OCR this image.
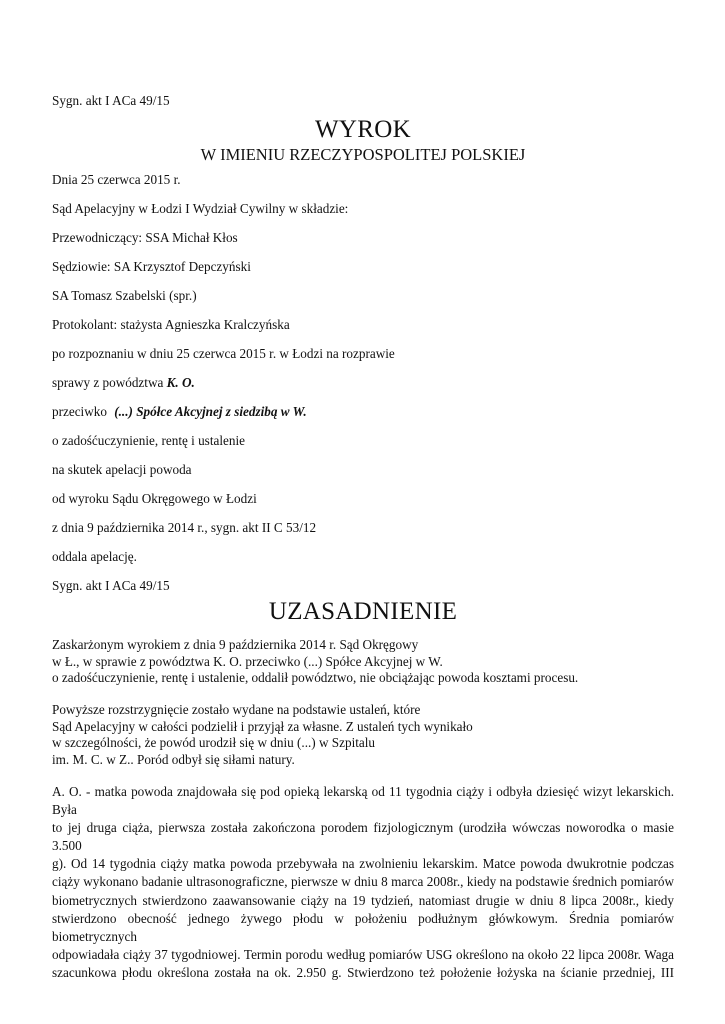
Sygn. akt I ACa 49/15
WYROK
W IMIENIU RZECZYPOSPOLITEJ POLSKIEJ
Dnia 25 czerwca 2015 r.
Sąd Apelacyjny w Łodzi I Wydział Cywilny w składzie:
Przewodniczący: SSA Michał Kłos
Sędziowie: SA Krzysztof Depczyński
SA Tomasz Szabelski (spr.)
Protokolant: stażysta Agnieszka Kralczyńska
po rozpoznaniu w dniu 25 czerwca 2015 r. w Łodzi na rozprawie
sprawy z powództwa K. O.
przeciwko (...) Spółce Akcyjnej z siedzibą w W.
o zadośćuczynienie, rentę i ustalenie
na skutek apelacji powoda
od wyroku Sądu Okręgowego w Łodzi
z dnia 9 października 2014 r., sygn. akt II C 53/12
oddala apelację.
Sygn. akt I ACa 49/15
UZASADNIENIE
Zaskarżonym wyrokiem z dnia 9 października 2014 r. Sąd Okręgowy
w Ł., w sprawie z powództwa K. O. przeciwko (...) Spółce Akcyjnej w W.
o zadośćuczynienie, rentę i ustalenie, oddalił powództwo, nie obciążając powoda kosztami procesu.
Powyższe rozstrzygnięcie zostało wydane na podstawie ustaleń, które
Sąd Apelacyjny w całości podzielił i przyjął za własne. Z ustaleń tych wynikało
w szczególności, że powód urodził się w dniu (...) w Szpitalu
im. M. C. w Z.. Poród odbył się siłami natury.
A. O. - matka powoda znajdowała się pod opieką lekarską od 11 tygodnia ciąży i odbyła dziesięć wizyt lekarskich. Była
to jej druga ciąża, pierwsza została zakończona porodem fizjologicznym (urodziła wówczas noworodka o masie 3.500
g). Od 14 tygodnia ciąży matka powoda przebywała na zwolnieniu lekarskim. Matce powoda dwukrotnie podczas
ciąży wykonano badanie ultrasonograficzne, pierwsze w dniu 8 marca 2008r., kiedy na podstawie średnich pomiarów
biometrycznych stwierdzono zaawansowanie ciąży na 19 tydzień, natomiast drugie w dniu 8 lipca 2008r., kiedy
stwierdzono obecność jednego żywego płodu w położeniu podłużnym główkowym. Średnia pomiarów biometrycznych
odpowiadała ciąży 37 tygodniowej. Termin porodu według pomiarów USG określono na około 22 lipca 2008r. Waga
szacunkowa płodu określona została na ok. 2.950 g. Stwierdzono też położenie łożyska na ścianie przedniej, III
